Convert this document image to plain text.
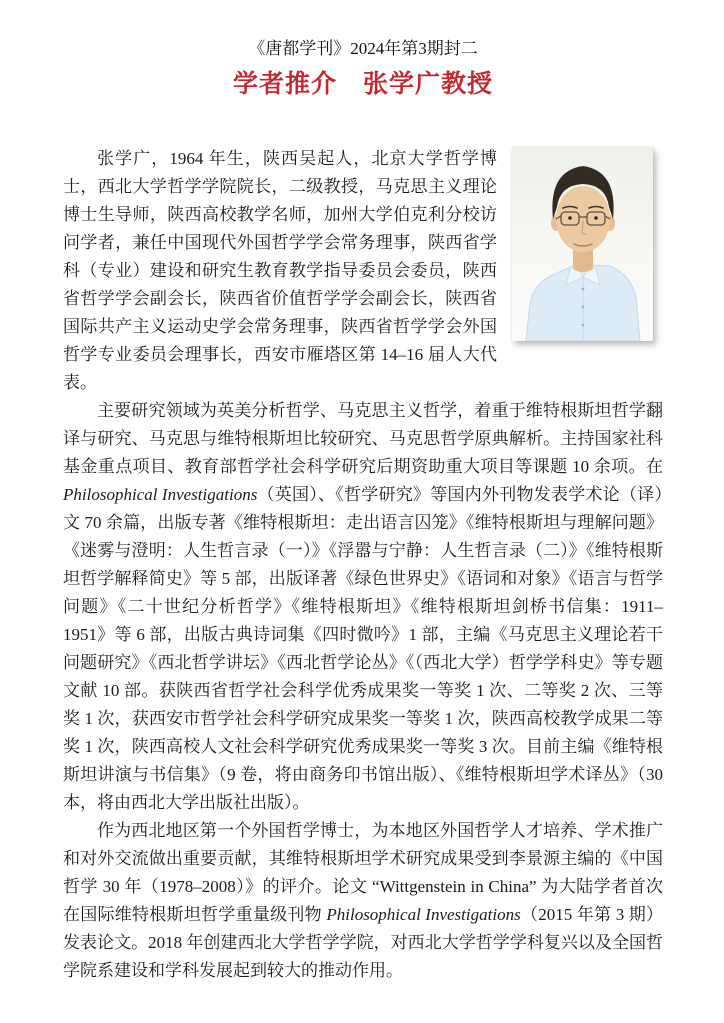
《唐都学刊》2024年第3期封二
学者推介　张学广教授

张学广，1964 年生，陕西吴起人，北京大学哲学博士，西北大学哲学学院院长，二级教授，马克思主义理论博士生导师，陕西高校教学名师，加州大学伯克利分校访问学者，兼任中国现代外国哲学学会常务理事，陕西省学科（专业）建设和研究生教育教学指导委员会委员，陕西省哲学学会副会长，陕西省价值哲学学会副会长，陕西省国际共产主义运动史学会常务理事，陕西省哲学学会外国哲学专业委员会理事长，西安市雁塔区第 14–16 届人大代表。

主要研究领域为英美分析哲学、马克思主义哲学，着重于维特根斯坦哲学翻译与研究、马克思与维特根斯坦比较研究、马克思哲学原典解析。主持国家社科基金重点项目、教育部哲学社会科学研究后期资助重大项目等课题 10 余项。在 Philosophical Investigations（英国）、《哲学研究》等国内外刊物发表学术论（译）文 70 余篇，出版专著《维特根斯坦：走出语言囚笼》《维特根斯坦与理解问题》《迷雾与澄明：人生哲言录（一）》《浮嚣与宁静：人生哲言录（二）》《维特根斯坦哲学解释简史》等 5 部，出版译著《绿色世界史》《语词和对象》《语言与哲学问题》《二十世纪分析哲学》《维特根斯坦》《维特根斯坦剑桥书信集：1911–1951》等 6 部，出版古典诗词集《四时微吟》1 部，主编《马克思主义理论若干问题研究》《西北哲学讲坛》《西北哲学论丛》《（西北大学）哲学学科史》等专题文献 10 部。获陕西省哲学社会科学优秀成果奖一等奖 1 次、二等奖 2 次、三等奖 1 次，获西安市哲学社会科学研究成果奖一等奖 1 次，陕西高校教学成果二等奖 1 次，陕西高校人文社会科学研究优秀成果奖一等奖 3 次。目前主编《维特根斯坦讲演与书信集》（9 卷，将由商务印书馆出版）、《维特根斯坦学术译丛》（30 本，将由西北大学出版社出版）。

作为西北地区第一个外国哲学博士，为本地区外国哲学人才培养、学术推广和对外交流做出重要贡献，其维特根斯坦学术研究成果受到李景源主编的《中国哲学 30 年（1978–2008）》的评介。论文 “Wittgenstein in China” 为大陆学者首次在国际维特根斯坦哲学重量级刊物 Philosophical Investigations（2015 年第 3 期）发表论文。2018 年创建西北大学哲学学院，对西北大学哲学学科复兴以及全国哲学院系建设和学科发展起到较大的推动作用。
